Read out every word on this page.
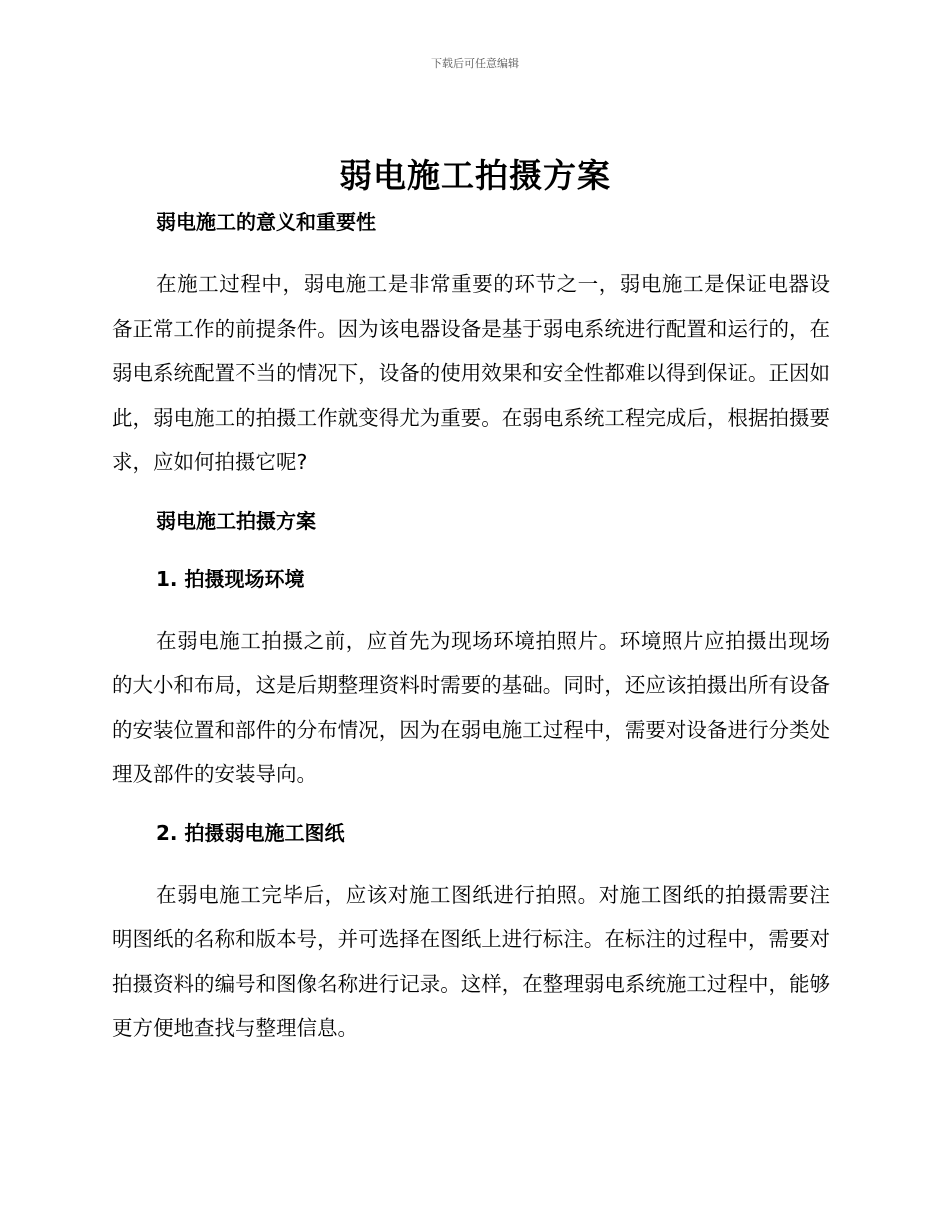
下载后可任意编辑
弱电施工拍摄方案

弱电施工的意义和重要性

在施工过程中，弱电施工是非常重要的环节之一，弱电施工是保证电器设备正常工作的前提条件。因为该电器设备是基于弱电系统进行配置和运行的，在弱电系统配置不当的情况下，设备的使用效果和安全性都难以得到保证。正因如此，弱电施工的拍摄工作就变得尤为重要。在弱电系统工程完成后，根据拍摄要求，应如何拍摄它呢?

弱电施工拍摄方案

1. 拍摄现场环境

在弱电施工拍摄之前，应首先为现场环境拍照片。环境照片应拍摄出现场的大小和布局，这是后期整理资料时需要的基础。同时，还应该拍摄出所有设备的安装位置和部件的分布情况，因为在弱电施工过程中，需要对设备进行分类处理及部件的安装导向。

2. 拍摄弱电施工图纸

在弱电施工完毕后，应该对施工图纸进行拍照。对施工图纸的拍摄需要注明图纸的名称和版本号，并可选择在图纸上进行标注。在标注的过程中，需要对拍摄资料的编号和图像名称进行记录。这样，在整理弱电系统施工过程中，能够更方便地查找与整理信息。
